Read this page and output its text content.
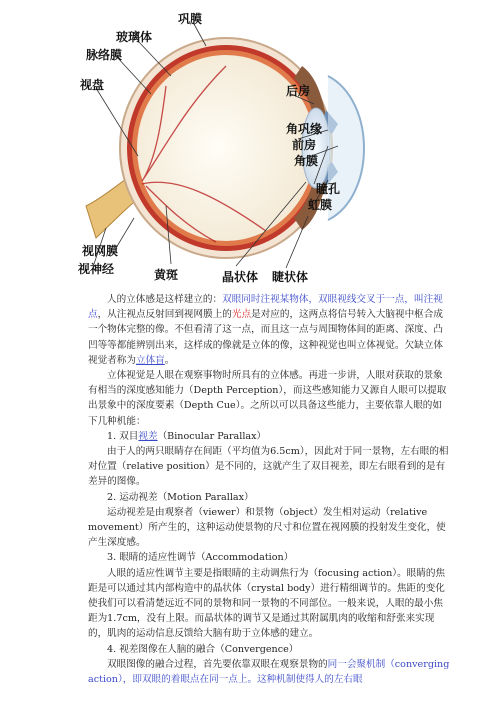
巩膜
玻璃体
脉络膜
视盘	后房
角巩缘
前房
角膜
瞳孔
虹膜
视网膜
视神经	黄斑	晶状体 睫状体

人的立体感是这样建立的：双眼同时注视某物体，双眼视线交叉于一点，叫注视点，从注视点反射回到视网膜上的光点是对应的，这两点将信号转入大脑视中枢合成一个物体完整的像。不但看清了这一点，而且这一点与周围物体间的距离、深度、凸凹等等都能辨别出来，这样成的像就是立体的像，这种视觉也叫立体视觉。欠缺立体视觉者称为立体盲。

立体视觉是人眼在观察事物时所具有的立体感。再进一步讲，人眼对获取的景象有相当的深度感知能力（Depth Perception），而这些感知能力又源自人眼可以提取出景象中的深度要素（Depth Cue）。之所以可以具备这些能力，主要依靠人眼的如下几种机能：

1. 双目视差（Binocular Parallax）

由于人的两只眼睛存在间距（平均值为6.5cm），因此对于同一景物，左右眼的相对位置（relative position）是不同的，这就产生了双目视差，即左右眼看到的是有差异的图像。

2. 运动视差（Motion Parallax）

运动视差是由观察者（viewer）和景物（object）发生相对运动（relative movement）所产生的，这种运动使景物的尺寸和位置在视网膜的投射发生变化，使产生深度感。

3. 眼睛的适应性调节（Accommodation）

人眼的适应性调节主要是指眼睛的主动调焦行为（focusing action）。眼睛的焦距是可以通过其内部构造中的晶状体（crystal body）进行精细调节的。焦距的变化使我们可以看清楚远近不同的景物和同一景物的不同部位。一般来说，人眼的最小焦距为1.7cm，没有上限。而晶状体的调节又是通过其附属肌肉的收缩和舒张来实现的，肌肉的运动信息反馈给大脑有助于立体感的建立。

4. 视差图像在人脑的融合（Convergence）

双眼图像的融合过程，首先要依靠双眼在观察景物的同一会聚机制（converging action），即双眼的着眼点在同一点上。这种机制使得人的左右眼
